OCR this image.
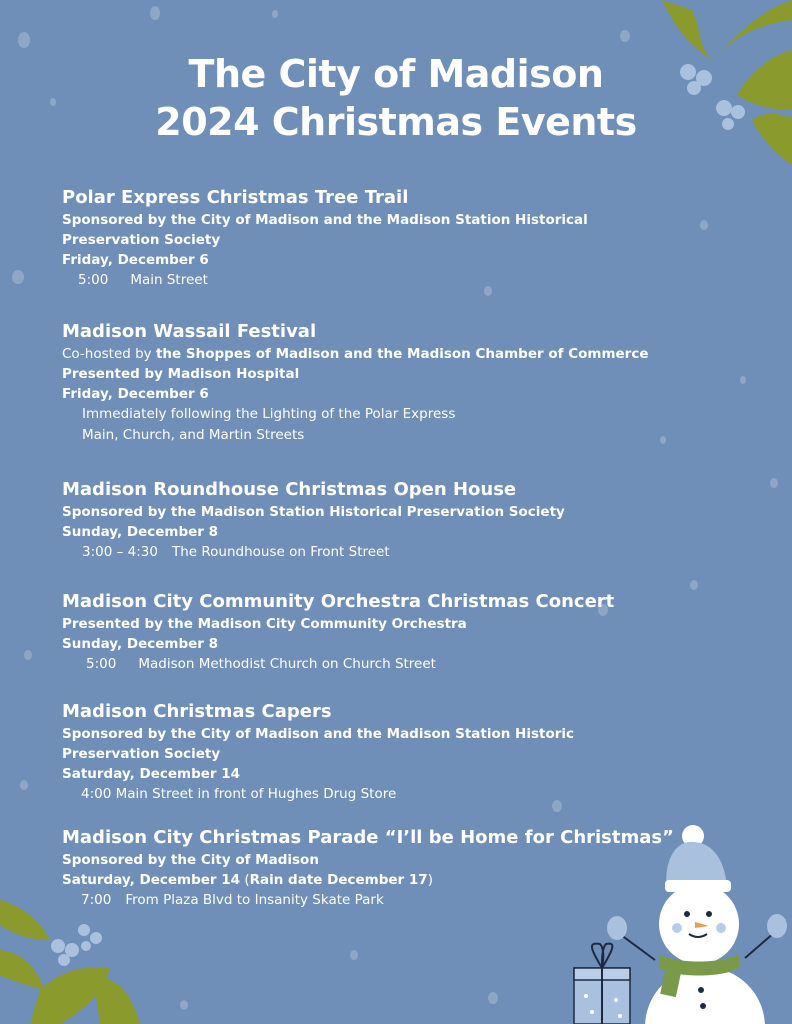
The City of Madison
2024 Christmas Events
Polar Express Christmas Tree Trail
Sponsored by the City of Madison and the Madison Station Historical
Preservation Society
Friday, December 6
5:00 Main Street
Madison Wassail Festival
Co-hosted by the Shoppes of Madison and the Madison Chamber of Commerce
Presented by Madison Hospital
Friday, December 6
Immediately following the Lighting of the Polar Express
Main, Church, and Martin Streets
Madison Roundhouse Christmas Open House
Sponsored by the Madison Station Historical Preservation Society
Sunday, December 8
3:00 – 4:30 The Roundhouse on Front Street
Madison City Community Orchestra Christmas Concert
Presented by the Madison City Community Orchestra
Sunday, December 8
5:00 Madison Methodist Church on Church Street
Madison Christmas Capers
Sponsored by the City of Madison and the Madison Station Historic
Preservation Society
Saturday, December 14
4:00 Main Street in front of Hughes Drug Store
Madison City Christmas Parade “I’ll be Home for Christmas”
Sponsored by the City of Madison
Saturday, December 14 (Rain date December 17)
7:00 From Plaza Blvd to Insanity Skate Park
